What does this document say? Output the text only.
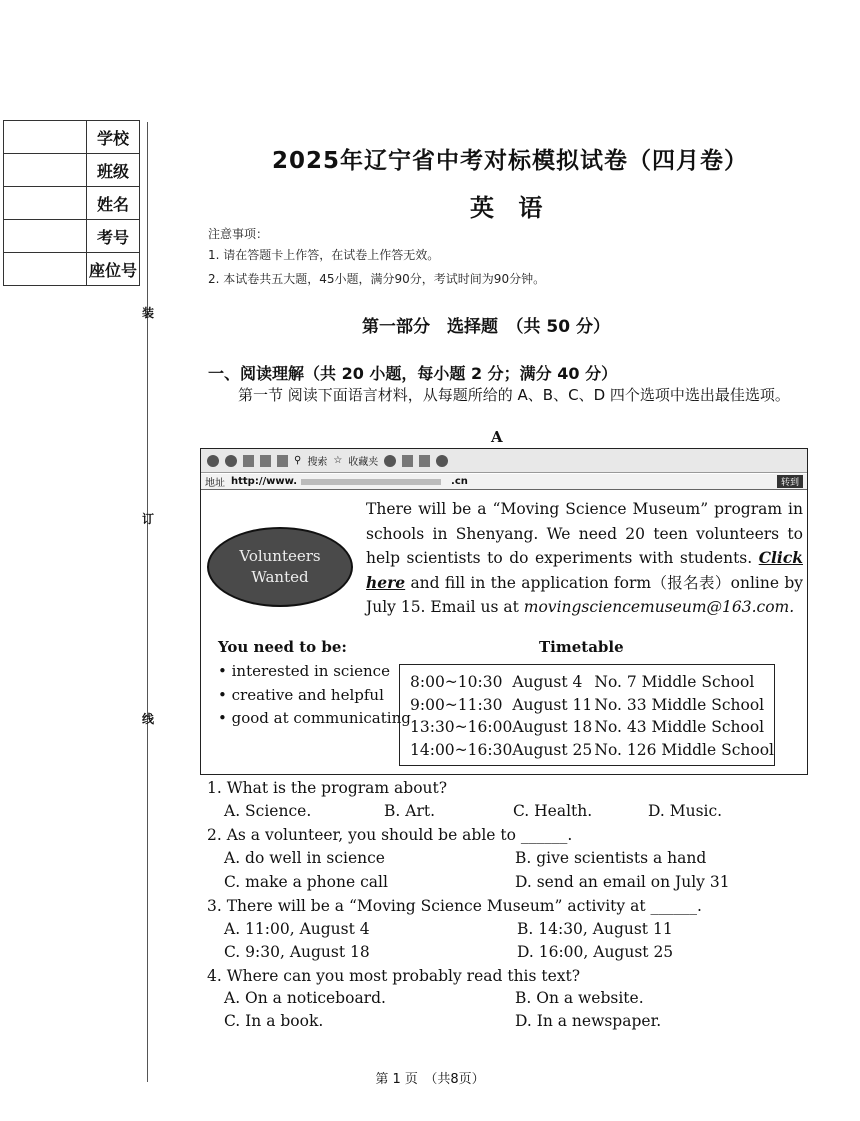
	学校
	班级
	姓名
	考号
	座位号
装
订
线
2025年辽宁省中考对标模拟试卷（四月卷）
英 语
注意事项：
1. 请在答题卡上作答，在试卷上作答无效。
2. 本试卷共五大题，45小题，满分90分，考试时间为90分钟。
第一部分　选择题　（共 50 分）
一、阅读理解（共 20 小题，每小题 2 分；满分 40 分）
第一节 阅读下面语言材料，从每题所给的 A、B、C、D 四个选项中选出最佳选项。
A
⚲ 搜索 ☆ 收藏夹
地址 http://www.	.cn	转到
Volunteers
Wanted
There will be a “Moving Science Museum” program in schools in Shenyang. We need 20 teen volunteers to help scientists to do experiments with students. Click here and fill in the application form（报名表）online by July 15. Email us at movingsciencemuseum@163.com.
You need to be:
• interested in science
• creative and helpful
• good at communicating
Timetable
8:00~10:30	August 4	No. 7 Middle School
9:00~11:30	August 11	No. 33 Middle School
13:30~16:00	August 18	No. 43 Middle School
14:00~16:30	August 25	No. 126 Middle School
1. What is the program about?
A. Science.	B. Art.	C. Health.	D. Music.
2. As a volunteer, you should be able to ______.
A. do well in science	B. give scientists a hand
C. make a phone call	D. send an email on July 31
3. There will be a “Moving Science Museum” activity at ______.
A. 11:00, August 4	B. 14:30, August 11
C. 9:30, August 18	D. 16:00, August 25
4. Where can you most probably read this text?
A. On a noticeboard.	B. On a website.
C. In a book.	D. In a newspaper.
第 1 页　（共8页）
